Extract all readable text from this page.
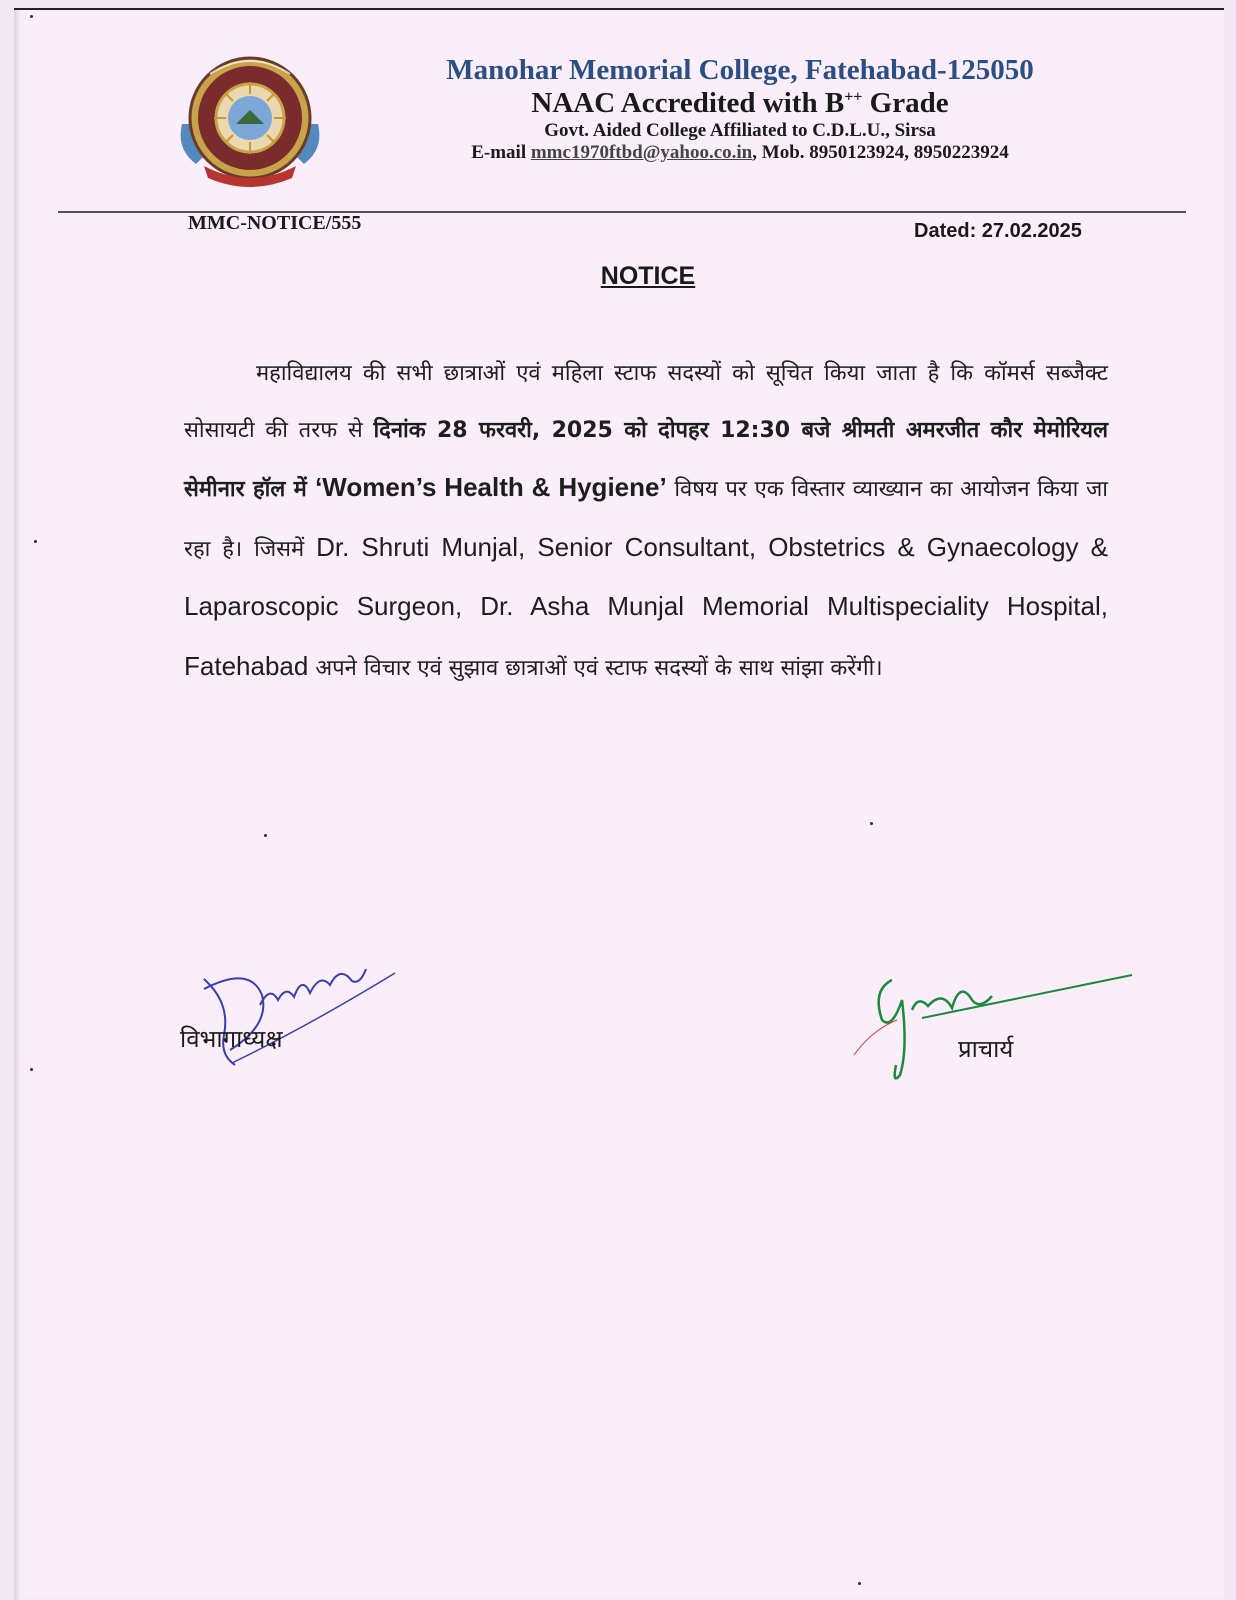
Manohar Memorial College, Fatehabad-125050
NAAC Accredited with B++ Grade
Govt. Aided College Affiliated to C.D.L.U., Sirsa
E-mail mmc1970ftbd@yahoo.co.in, Mob. 8950123924, 8950223924
MMC-NOTICE/555	Dated: 27.02.2025
NOTICE
महाविद्यालय की सभी छात्राओं एवं महिला स्टाफ सदस्यों को सूचित किया जाता है कि कॉमर्स सब्जैक्ट सोसायटी की तरफ से दिनांक 28 फरवरी, 2025 को दोपहर 12:30 बजे श्रीमती अमरजीत कौर मेमोरियल सेमीनार हॉल में ‘Women’s Health & Hygiene’ विषय पर एक विस्तार व्याख्यान का आयोजन किया जा रहा है। जिसमें Dr. Shruti Munjal, Senior Consultant, Obstetrics & Gynaecology & Laparoscopic Surgeon, Dr. Asha Munjal Memorial Multispeciality Hospital, Fatehabad अपने विचार एवं सुझाव छात्राओं एवं स्टाफ सदस्यों के साथ सांझा करेंगी।
विभागाध्यक्ष	प्राचार्य
